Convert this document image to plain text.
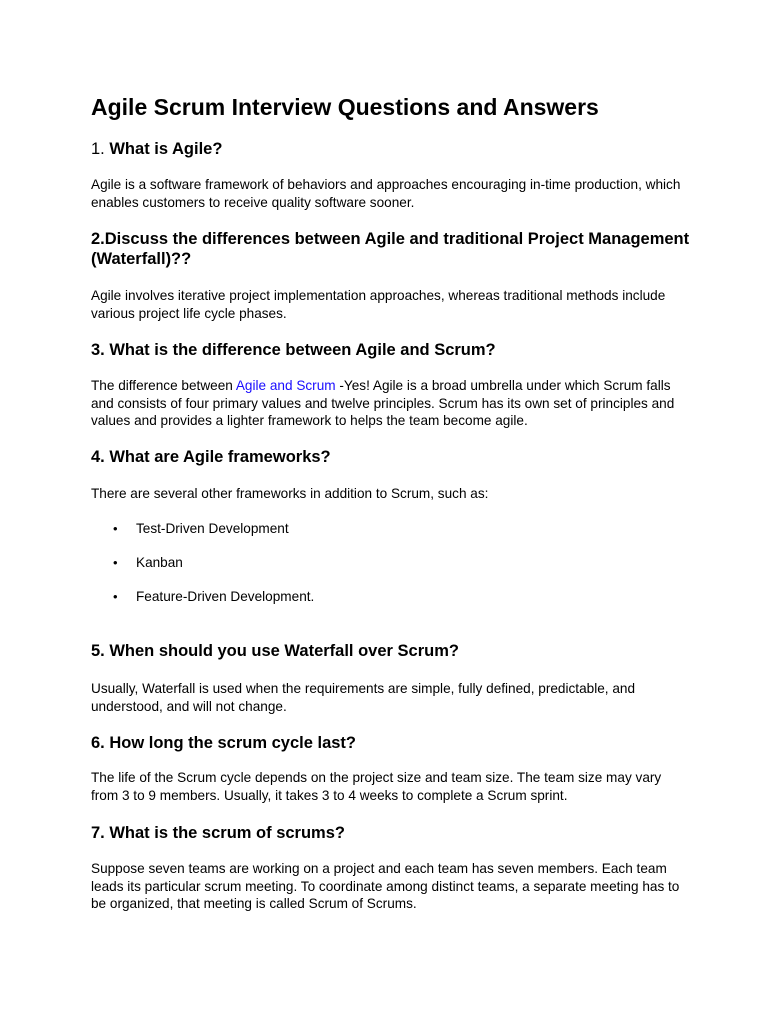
Agile Scrum Interview Questions and Answers
1. What is Agile?

Agile is a software framework of behaviors and approaches encouraging in-time production, which enables customers to receive quality software sooner.

2.Discuss the differences between Agile and traditional Project Management (Waterfall)??

Agile involves iterative project implementation approaches, whereas traditional methods include various project life cycle phases.

3. What is the difference between Agile and Scrum?

The difference between Agile and Scrum -Yes! Agile is a broad umbrella under which Scrum falls and consists of four primary values and twelve principles. Scrum has its own set of principles and values and provides a lighter framework to helps the team become agile.

4. What are Agile frameworks?

There are several other frameworks in addition to Scrum, such as:

• Test-Driven Development
• Kanban
• Feature-Driven Development.
5. When should you use Waterfall over Scrum?

Usually, Waterfall is used when the requirements are simple, fully defined, predictable, and understood, and will not change.

6. How long the scrum cycle last?

The life of the Scrum cycle depends on the project size and team size. The team size may vary from 3 to 9 members. Usually, it takes 3 to 4 weeks to complete a Scrum sprint.

7. What is the scrum of scrums?

Suppose seven teams are working on a project and each team has seven members. Each team leads its particular scrum meeting. To coordinate among distinct teams, a separate meeting has to be organized, that meeting is called Scrum of Scrums.
